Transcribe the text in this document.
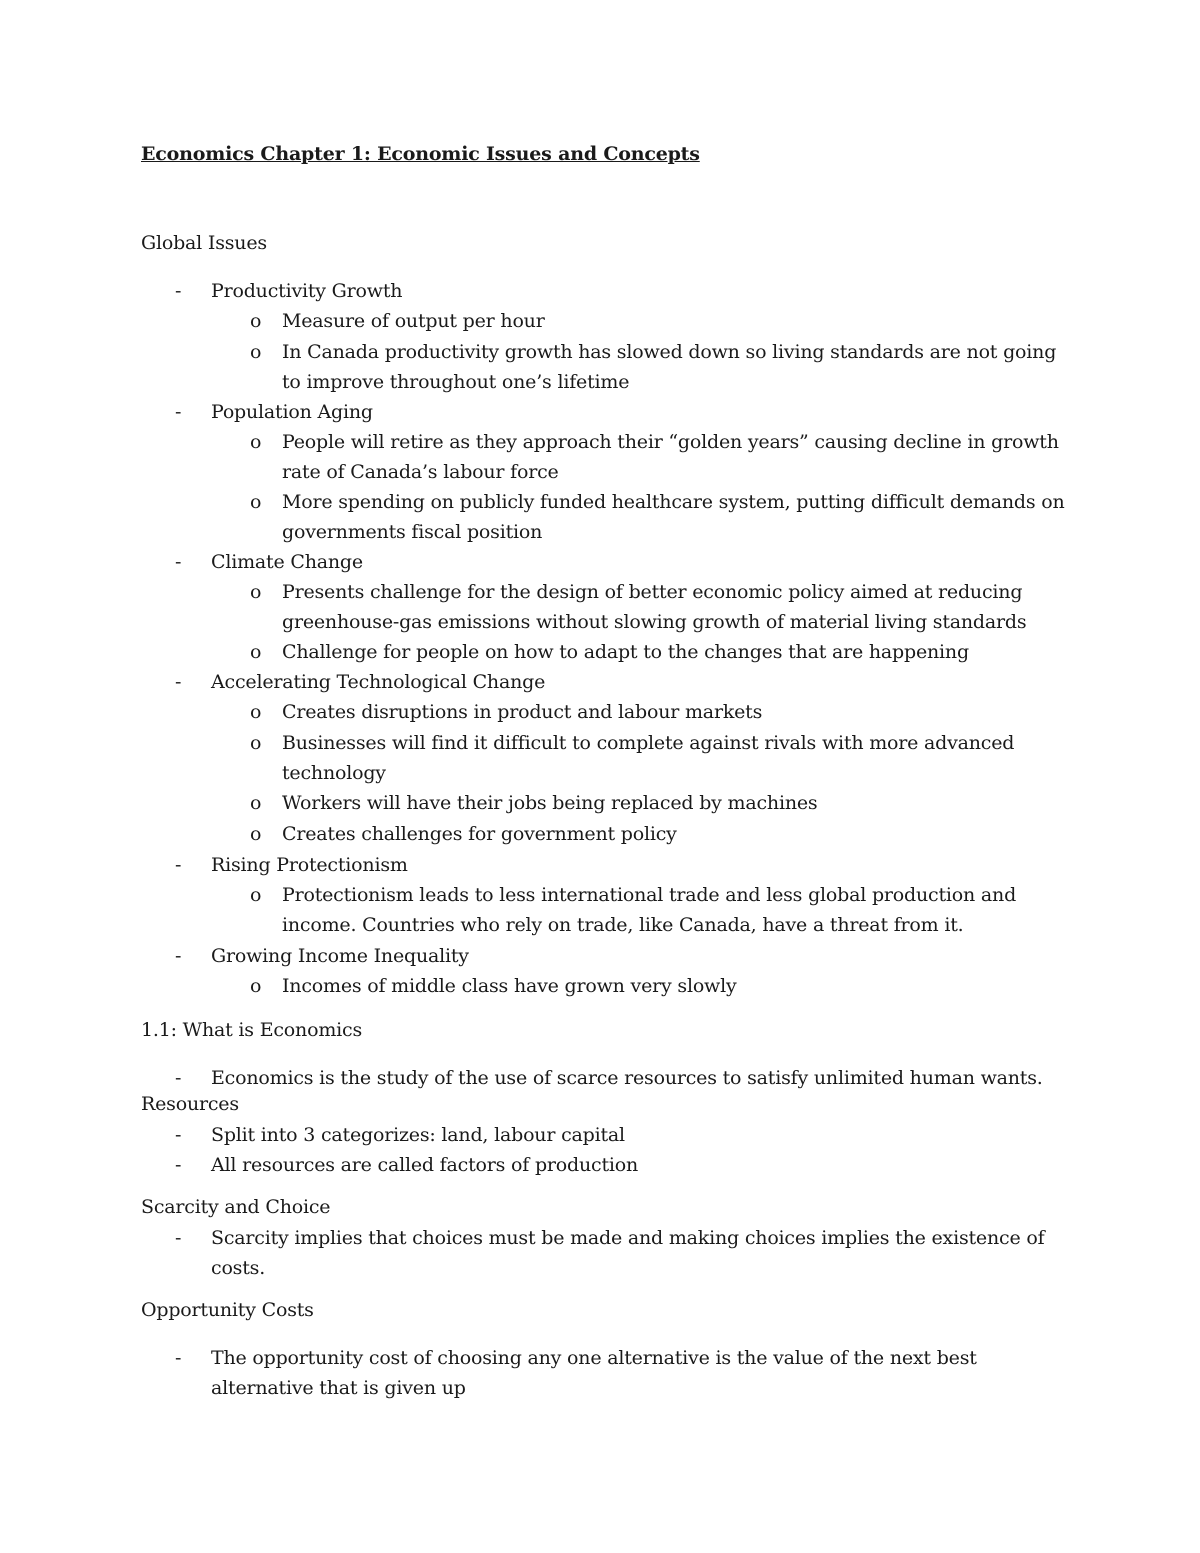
Economics Chapter 1: Economic Issues and Concepts
Global Issues
- Productivity Growth
o Measure of output per hour
o In Canada productivity growth has slowed down so living standards are not going to improve throughout one’s lifetime
- Population Aging
o People will retire as they approach their “golden years” causing decline in growth rate of Canada’s labour force
o More spending on publicly funded healthcare system, putting difficult demands on governments fiscal position
- Climate Change
o Presents challenge for the design of better economic policy aimed at reducing greenhouse-gas emissions without slowing growth of material living standards
o Challenge for people on how to adapt to the changes that are happening
- Accelerating Technological Change
o Creates disruptions in product and labour markets
o Businesses will find it difficult to complete against rivals with more advanced technology
o Workers will have their jobs being replaced by machines
o Creates challenges for government policy
- Rising Protectionism
o Protectionism leads to less international trade and less global production and income. Countries who rely on trade, like Canada, have a threat from it.
- Growing Income Inequality
o Incomes of middle class have grown very slowly
1.1: What is Economics
- Economics is the study of the use of scarce resources to satisfy unlimited human wants.
Resources
- Split into 3 categorizes: land, labour capital
- All resources are called factors of production
Scarcity and Choice
- Scarcity implies that choices must be made and making choices implies the existence of costs.
Opportunity Costs
- The opportunity cost of choosing any one alternative is the value of the next best alternative that is given up
